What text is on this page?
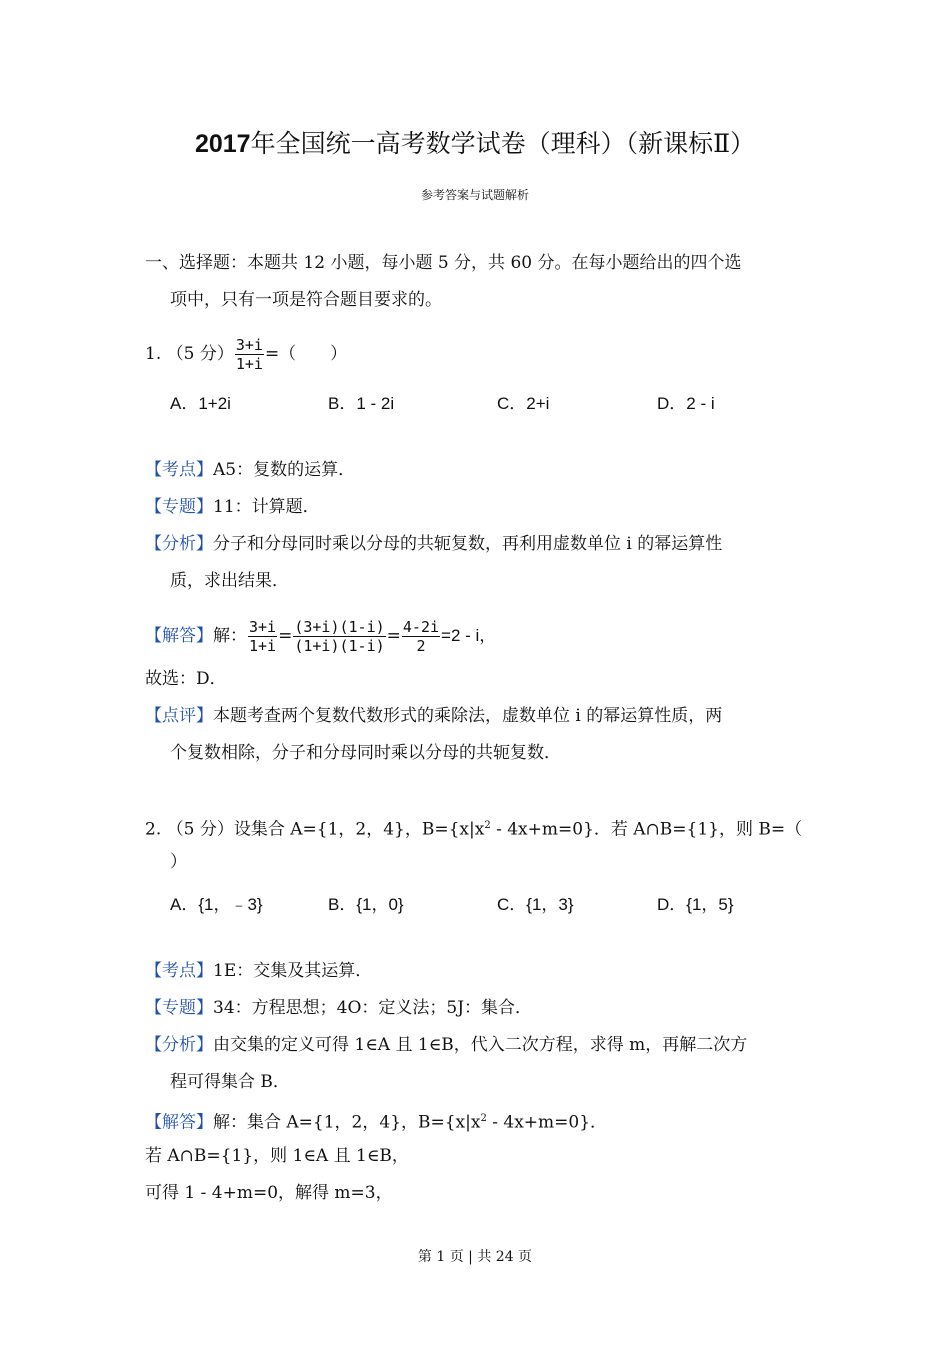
2017年全国统一高考数学试卷（理科）（新课标Ⅱ）
参考答案与试题解析
一、选择题：本题共 12 小题，每小题 5 分，共 60 分。在每小题给出的四个选
项中，只有一项是符合题目要求的。
1. （5 分） $\frac{3+i}{1+i}$ =（　　）
A．1+2i	B．1 - 2i	C．2+i	D．2 - i
【考点】A5：复数的运算．
【专题】11：计算题．
【分析】分子和分母同时乘以分母的共轭复数，再利用虚数单位 i 的幂运算性
质，求出结果．
【解答】解： $\frac{3+i}{1+i} = \frac{(3+i)(1-i)}{(1+i)(1-i)} = \frac{4-2i}{2} =2 - i$，
故选：D．
【点评】本题考查两个复数代数形式的乘除法，虚数单位 i 的幂运算性质，两
个复数相除，分子和分母同时乘以分母的共轭复数．
2. （5 分）设集合 A={1，2，4}，$B=\{x|x^2 - 4x+m=0\}$．若 A∩B={1}，则 B=（
）
A．{1，﹣3}	B．{1，0}	C．{1，3}	D．{1，5}
【考点】1E：交集及其运算．
【专题】34：方程思想；4O：定义法；5J：集合．
【分析】由交集的定义可得 1∈A 且 1∈B，代入二次方程，求得 m，再解二次方
程可得集合 B．
【解答】解：集合 A={1，2，4}，$B=\{x|x^2 - 4x+m=0\}$．
若 A∩B={1}，则 1∈A 且 1∈B，
可得 1 - 4+m=0，解得 m=3，
第 1 页 | 共 24 页
